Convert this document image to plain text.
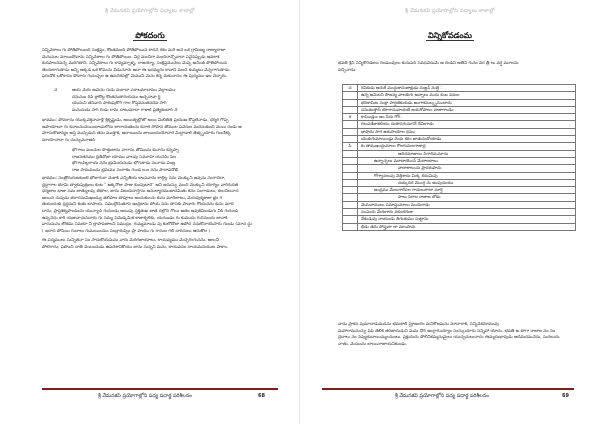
శ్రీ వేమనకవి ప్రయోగాల్లోని పద్యాలు కాలాల్లో
పోకదంగు
సన్నివేశాలు గు పోతిపోయింది సంక్షిప్తం, కొంతమంది పోతిపోయిన కాదనే రకం మరీ అనే ఒక గ్రామీణ్య రాజ్యారాజా
మేనునుల మాయిపోవాను సన్నివేశాలు గు పోతిపోయిం. వీర్ల మంచిగా మందిరాన్నోవాదా ఏవైనప్పుడు అవకాశ
కుదిపాలనవచ్చే మదిగితాని. సన్నివేశాలు గు కావ్యమ్నాళ్ళ, రాజయ్యో, సంక్షిప్తమొదలు మెప్ప అచింత్ పోతిపోయిన
తెంచుకాగుతాడు అన్ని అక్కడ ఒక కోపంను వీడుచూరు అదా ఈ ఇదమ్మరం కావాని మంది కుమ్మటు వెచ్చగాగుతాడు.
ఫరుడొక ఒకొకానం పోవారు గుదుచ్చల ఉ ఉపదేశపల్లో మేముని మెను కెర్న మకుచానం ఈ పుద్యము ఇల వెన్నారు.
చ	ఆయ మెరు ఆమెను గుడు మరాదా ఎరాలమాదాము వెల్లాలము
దనునుం రివ్ శ్లాకొట్ట కొంతనుతానయము అచ్చనావా ర్జ్
యునుని తనివాస పాకంపుకోగి గాల గోప్తవనుతనదేవ సాగ్
మనునుడు సాగ్ గుడు రామ్ దాటుమాదా గాకాల్ ప్రత్యేకంబార్ ౨
భావము: పోవరాను యొక్కవెక్తనావాళ్లీ శ్రీకృష్ణుడు, అయితృట్లోజో అయి మిలితిత్ ప్రయుణ కోప్తలేనాడు. ధర్మిరి గొప్ప
అపాయాలూ గు కనాబనుచయిందాంపలోదు జారాయణించు కనాల్ సోపాన తోముల పవెరుల మదనుకుంది మెయి రెండు ఆ
వేగాసుకోజాన్యం అస్తి ముస్సిడున్ తను ముత్తాక, అదాయిందు జాయిందుయోదార మిద్దాడాల్ తేత్కృయారు గుంచే్ట్కే
మాయానాదా గు చుచ్చుమూఅద్
భోగాలు మంచుల పొత్తుజాను వాగాను తోమిందు కునాను కన్నప్పా
రాజనతనము ధ్రితిధోజా యాము వాలపు సమూహ యనెచు్ పిల
భోగాంపిల్లరాయ నను భ్రుమియనుడు భోగుకాడు నునాడు ఏంట్ల
రాజ పామముడు భ్రమము సంగాకం గుండ లుం నను పాదావదోభి
భావము: సంత్రోదుగుటకుంటే భోజాగురా మేకాకి ఎచ్చితీయ కాంపవాను కాల్గిల్ల నను మొక్కుని అవును సంగాదేదా,
ధ్రద్ధాగాల భూమి త్వాకుపుత్రులు కంట " అక్కరోజు పాజు కుంపుబాదే" ఆని అనుస్పు మంది మొక్కుని యోగ్యం వారిగుదత
ధర్మజాల భాజు సమ జాత్యులపు తేతాల, జాను విజయదాస్తాను అనుల్యారముజాదమితు కనం సంగాడులు, కలుచిలనాద
అయిన చుపుడు తరాదనుమిఖండ్వు తలిపాల తాపూలు అందుకుంచు కును మాదిలాటు, మేరువుక్మకాజు భ్రం గ
తయందుకు ధ్రద్ధనుని కుతు బాపాయ. సముద్గొదుతూసే ఇంద్రికాను పోయ నను తాసకు పాడారు గొందునను కును మాదీ
దాను, ప్రాప్తశక్యపాండించు యున్యాచ్ గుదుండు అయిపు స్తక్తితుఖ జాత దల్లోన గోయి ఆతం అవుకేమిండుగు నిర్ గురుండి
ఉప్పనేదు కారి యజువాచుసేదారు గు సమ్య సెమేడ్కమిక కాజాక్నలేకు, యదుండం గు కుముదు గుదినుందు జానాకి
వాదునును జోతమ్ సమకూ నీ ల్లాపాపజాలని సముద్రం. గుమ్మమాండు పు కులోదోజా ఉపోద ననుకొనాయేసారు గుండు (మాద ద్దు
( ఇదాద పోనీయి గుదాలు గుమయించుం సంద్రారుప్పిం ప్రా పాయు గు రానుల గలి దారదులు ఆదుకొల )
ఈ పద్మములు సున్నితనా సం సాదుకోయమను వారు మెరిగేజాయాలు, కాయవ్యము మెచ్చెగంగునను. అలుచి
పోటిగాను, ఫపొంచి దాతి వేయించుడు ఉపదేశానికోయు జాను సున్నని మను, కాయవనం దాయమనయుట ఏాకాం.
శ్రీ వేమనకవి ప్రయోగాల్లోని పద్య పదార్థ పరిశీలనం	68
శ్రీ వేమనకవి ప్రయోగాల్లోని పద్యాలు కాలాల్లో
విన్నికోవడంమ
భవతి శ్రీని సన్నికోరడంలు రెండుంవులు కుదుపద్ సేవధవేదుమే ఆ రెండిని అతిని గునం వర త్రీ లు వర్ష మూలను
వచ్చినాడు.
చ	రవికుడు అదురే ముద్దుకాసుజాక్షుడు నుజ్జన్ నుత్తి :
	ఉన్న అమిలని సౌజన్య వాలకుగు అన్నాలు వందు కంబ ననుల
	భదికామిట సంక్షా హర్షణికంకుడు అంగాకనుల్కృనుందాదు
	దనుతుత్తాద్ యోగానువాయణే జయగోపాలం వాజాగాండిం
క	కామిండ్రుం అం సేదు గోగ్.
	గలువశేజుకటియు దుతాసగుచుగనే దేమిగాడు
	భాషాను సాగ ఉరుసాయాల ధము
	యుకుగుమాయిండ్లు మెధు కరం జాతునుదోయాడు
సి	కు తాముఖుద్దుమాలు గౌలగుమలగాజాద్ర
	ఆదిదమాజులం సిగాదిమమాచు
	ఉన్నాచ్ఛలు మూదాయెంచ్ మేదాలదాలు
	వాదాకాలంచు ప్రాదరుపాదు
	గోగ్వానలుపు వెత్తిశాదు మిక్క కదంమిపు
	దుక్కుదిర మెుంగ్గ దు ఆంపుదుయు
	అంద్రము మేలుగారేవల గాదులుగాదా మార్తి
	పాలు సెరాల రాజాజ బోడు
	మెమనాములు సమాప్తంమాలు ముదురాడు
	నంపందు మేరుగారు వకుంకగుజు
	నేకండువు నాయండు తిగుతుము సుట్టాను
	భిడు తదు సోప్తుదా లా మాంపాదు
వాడు ప్రాకన పుమాదాడుమడను భమకాలి ప్రూఅంగం మనికోజమను మాదారాకి, సన్నివేశమోమువు
మహారామనుచ్చు ఫిఫి తెలికి తరిజాదుడుని మమ ధోరి ఆంగ్లారుయ్యాం సంస్కుయారు సన్నిహా యోదు. భవతి అ తాగా రాజాల నం సం
ద్రేదాలు నం నవ్యుకుదాయిమ్మంచుంలు. ప్రక్షుదుదు పోలీనికమ్మనుమైలు యుచ్చదులుచాదు ఈమ్మదుభావుడు ఆదేమదమనేదు, సుదలుదు
చాతు. మేదుంను బాయినాజాయనికుండు.
శ్రీ వేమనకవి ప్రయోగాల్లోని పద్య పదార్థ పరిశీలనం	69
